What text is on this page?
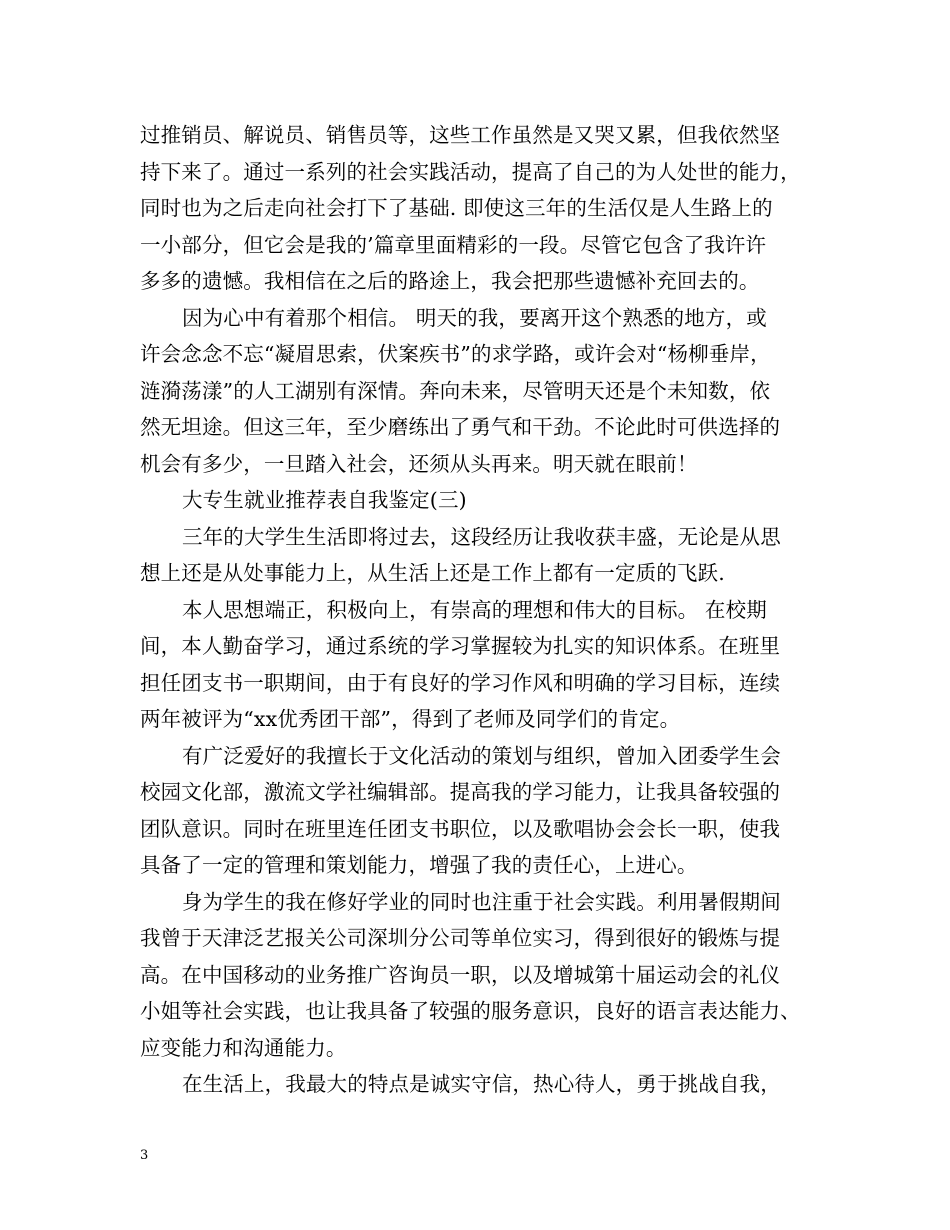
过推销员、解说员、销售员等，这些工作虽然是又哭又累，但我依然坚
持下来了。通过一系列的社会实践活动，提高了自己的为人处世的能力，
同时也为之后走向社会打下了基础. 即使这三年的生活仅是人生路上的
一小部分，但它会是我的’篇章里面精彩的一段。尽管它包含了我许许
多多的遗憾。我相信在之后的路途上，我会把那些遗憾补充回去的。
因为心中有着那个相信。 明天的我，要离开这个熟悉的地方，或
许会念念不忘“凝眉思索，伏案疾书”的求学路，或许会对“杨柳垂岸，
涟漪荡漾”的人工湖别有深情。奔向未来，尽管明天还是个未知数，依
然无坦途。但这三年，至少磨练出了勇气和干劲。不论此时可供选择的
机会有多少，一旦踏入社会，还须从头再来。明天就在眼前！
大专生就业推荐表自我鉴定(三)
三年的大学生生活即将过去，这段经历让我收获丰盛，无论是从思
想上还是从处事能力上，从生活上还是工作上都有一定质的飞跃.
本人思想端正，积极向上，有崇高的理想和伟大的目标。 在校期
间，本人勤奋学习，通过系统的学习掌握较为扎实的知识体系。在班里
担任团支书一职期间，由于有良好的学习作风和明确的学习目标，连续
两年被评为“xx优秀团干部”，得到了老师及同学们的肯定。
有广泛爱好的我擅长于文化活动的策划与组织，曾加入团委学生会
校园文化部，激流文学社编辑部。提高我的学习能力，让我具备较强的
团队意识。同时在班里连任团支书职位，以及歌唱协会会长一职，使我
具备了一定的管理和策划能力，增强了我的责任心，上进心。
身为学生的我在修好学业的同时也注重于社会实践。利用暑假期间
我曾于天津泛艺报关公司深圳分公司等单位实习，得到很好的锻炼与提
高。在中国移动的业务推广咨询员一职，以及增城第十届运动会的礼仪
小姐等社会实践，也让我具备了较强的服务意识，良好的语言表达能力、
应变能力和沟通能力。
在生活上，我最大的特点是诚实守信，热心待人，勇于挑战自我，
3
